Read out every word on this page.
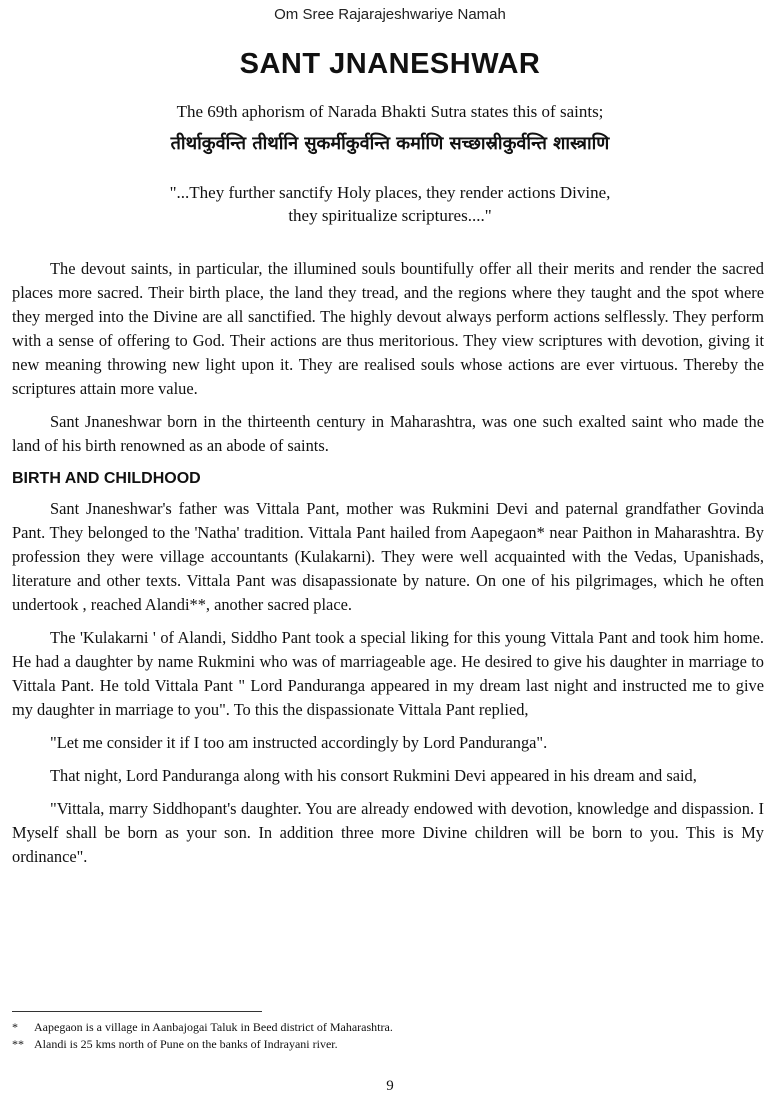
Om Sree Rajarajeshwariye Namah
SANT JNANESHWAR
The 69th aphorism of Narada Bhakti Sutra states this of saints;
तीर्थाकुर्वन्ति तीर्थानि सुकर्मीकुर्वन्ति कर्माणि सच्छास्रीकुर्वन्ति शास्त्राणि
"...They further sanctify Holy places, they render actions Divine,
they spiritualize scriptures...."

The devout saints, in particular, the illumined souls bountifully offer all their merits and render the sacred places more sacred. Their birth place, the land they tread, and the regions where they taught and the spot where they merged into the Divine are all sanctified. The highly devout always perform actions selflessly. They perform with a sense of offering to God. Their actions are thus meritorious. They view scriptures with devotion, giving it new meaning throwing new light upon it. They are realised souls whose actions are ever virtuous. Thereby the scriptures attain more value.

Sant Jnaneshwar born in the thirteenth century in Maharashtra, was one such exalted saint who made the land of his birth renowned as an abode of saints.

BIRTH AND CHILDHOOD

Sant Jnaneshwar's father was Vittala Pant, mother was Rukmini Devi and paternal grandfather Govinda Pant. They belonged to the 'Natha' tradition. Vittala Pant hailed from Aapegaon* near Paithon in Maharashtra. By profession they were village accountants (Kulakarni). They were well acquainted with the Vedas, Upanishads, literature and other texts. Vittala Pant was disapassionate by nature. On one of his pilgrimages, which he often undertook , reached Alandi**, another sacred place.

The 'Kulakarni ' of Alandi, Siddho Pant took a special liking for this young Vittala Pant and took him home. He had a daughter by name Rukmini who was of marriageable age. He desired to give his daughter in marriage to Vittala Pant. He told Vittala Pant " Lord Panduranga appeared in my dream last night and instructed me to give my daughter in marriage to you". To this the dispassionate Vittala Pant replied,

"Let me consider it if I too am instructed accordingly by Lord Panduranga".

That night, Lord Panduranga along with his consort Rukmini Devi appeared in his dream and said,

"Vittala, marry Siddhopant's daughter. You are already endowed with devotion, knowledge and dispassion. I Myself shall be born as your son. In addition three more Divine children will be born to you. This is My ordinance".

*	Aapegaon is a village in Aanbajogai Taluk in Beed district of Maharashtra.
** Alandi is 25 kms north of Pune on the banks of Indrayani river.
9
